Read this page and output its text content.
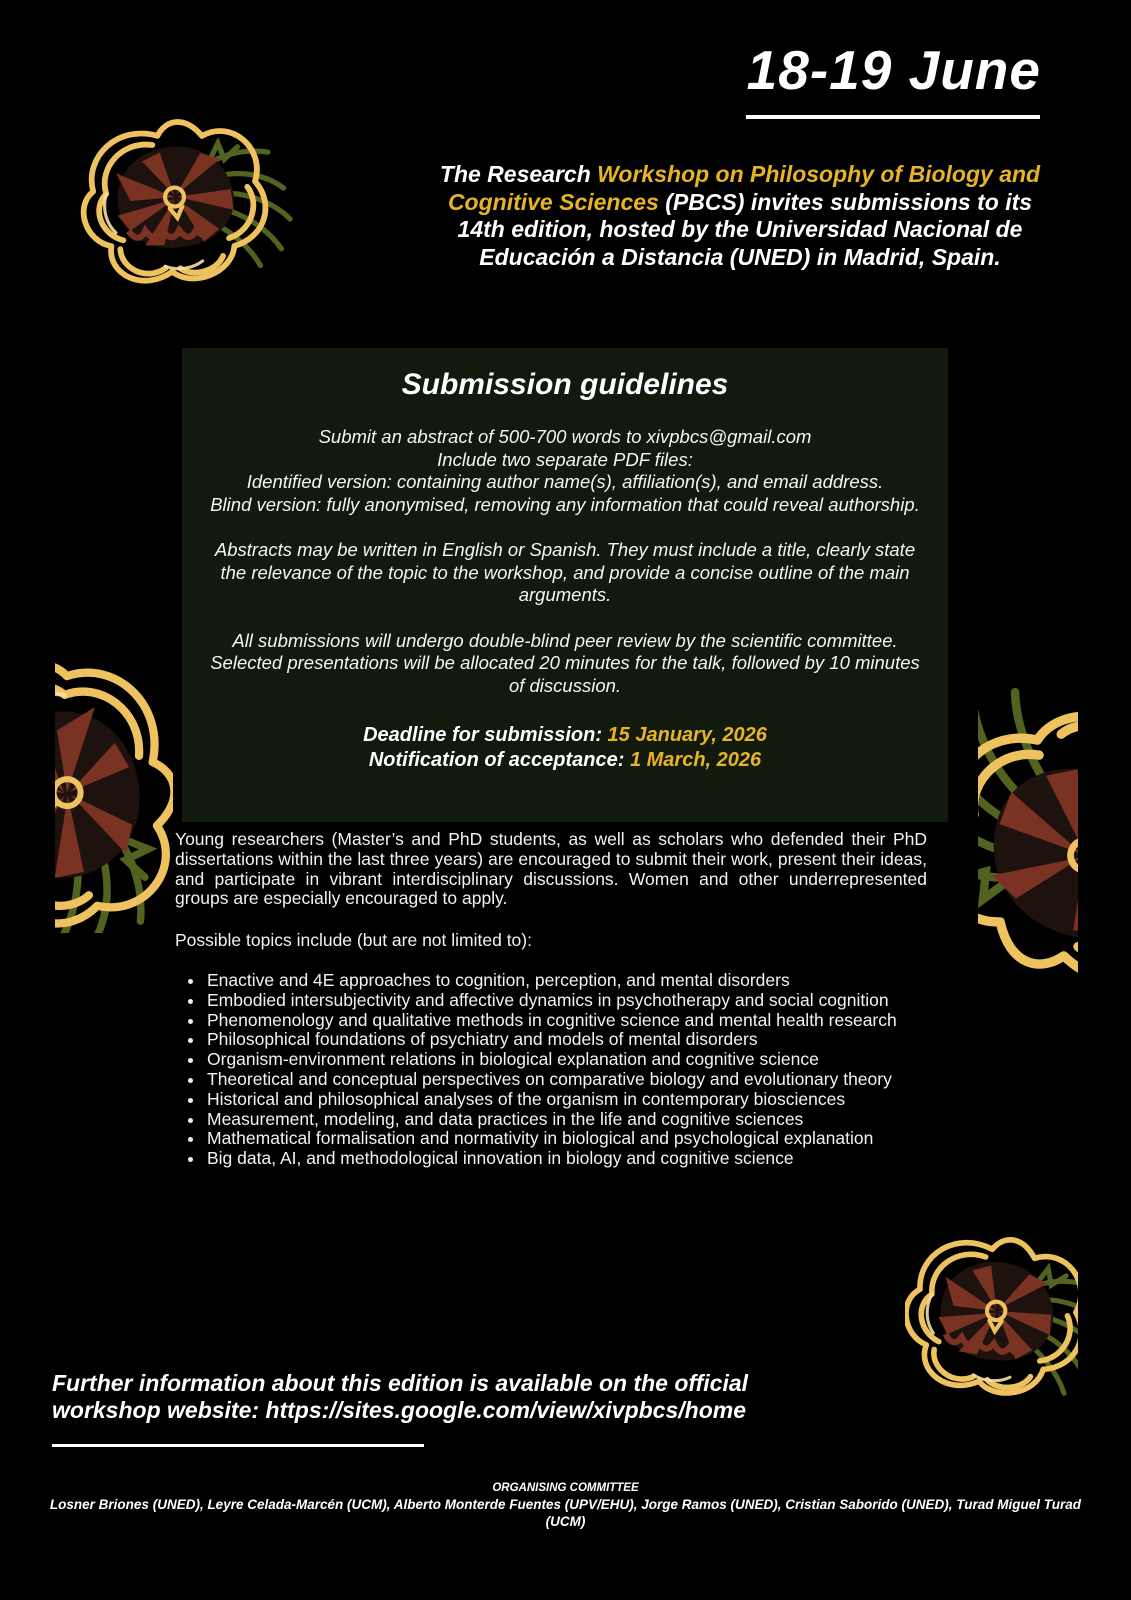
18-19 June

The Research Workshop on Philosophy of Biology and Cognitive Sciences (PBCS) invites submissions to its 14th edition, hosted by the Universidad Nacional de Educación a Distancia (UNED) in Madrid, Spain.

Submission guidelines
Submit an abstract of 500-700 words to xivpbcs@gmail.com
Include two separate PDF files:
Identified version: containing author name(s), affiliation(s), and email address.
Blind version: fully anonymised, removing any information that could reveal authorship.

Abstracts may be written in English or Spanish. They must include a title, clearly state the relevance of the topic to the workshop, and provide a concise outline of the main arguments.

All submissions will undergo double-blind peer review by the scientific committee.
Selected presentations will be allocated 20 minutes for the talk, followed by 10 minutes of discussion.
Deadline for submission: 15 January, 2026
Notification of acceptance: 1 March, 2026

Young researchers (Master’s and PhD students, as well as scholars who defended their PhD dissertations within the last three years) are encouraged to submit their work, present their ideas, and participate in vibrant interdisciplinary discussions. Women and other underrepresented groups are especially encouraged to apply.

Possible topics include (but are not limited to):

• Enactive and 4E approaches to cognition, perception, and mental disorders
• Embodied intersubjectivity and affective dynamics in psychotherapy and social cognition
• Phenomenology and qualitative methods in cognitive science and mental health research
• Philosophical foundations of psychiatry and models of mental disorders
• Organism-environment relations in biological explanation and cognitive science
• Theoretical and conceptual perspectives on comparative biology and evolutionary theory
• Historical and philosophical analyses of the organism in contemporary biosciences
• Measurement, modeling, and data practices in the life and cognitive sciences
• Mathematical formalisation and normativity in biological and psychological explanation
• Big data, AI, and methodological innovation in biology and cognitive science
Further information about this edition is available on the official workshop website: https://sites.google.com/view/xivpbcs/home
ORGANISING COMMITTEE
Losner Briones (UNED), Leyre Celada-Marcén (UCM), Alberto Monterde Fuentes (UPV/EHU), Jorge Ramos (UNED), Cristian Saborido (UNED), Turad Miguel Turad (UCM)
